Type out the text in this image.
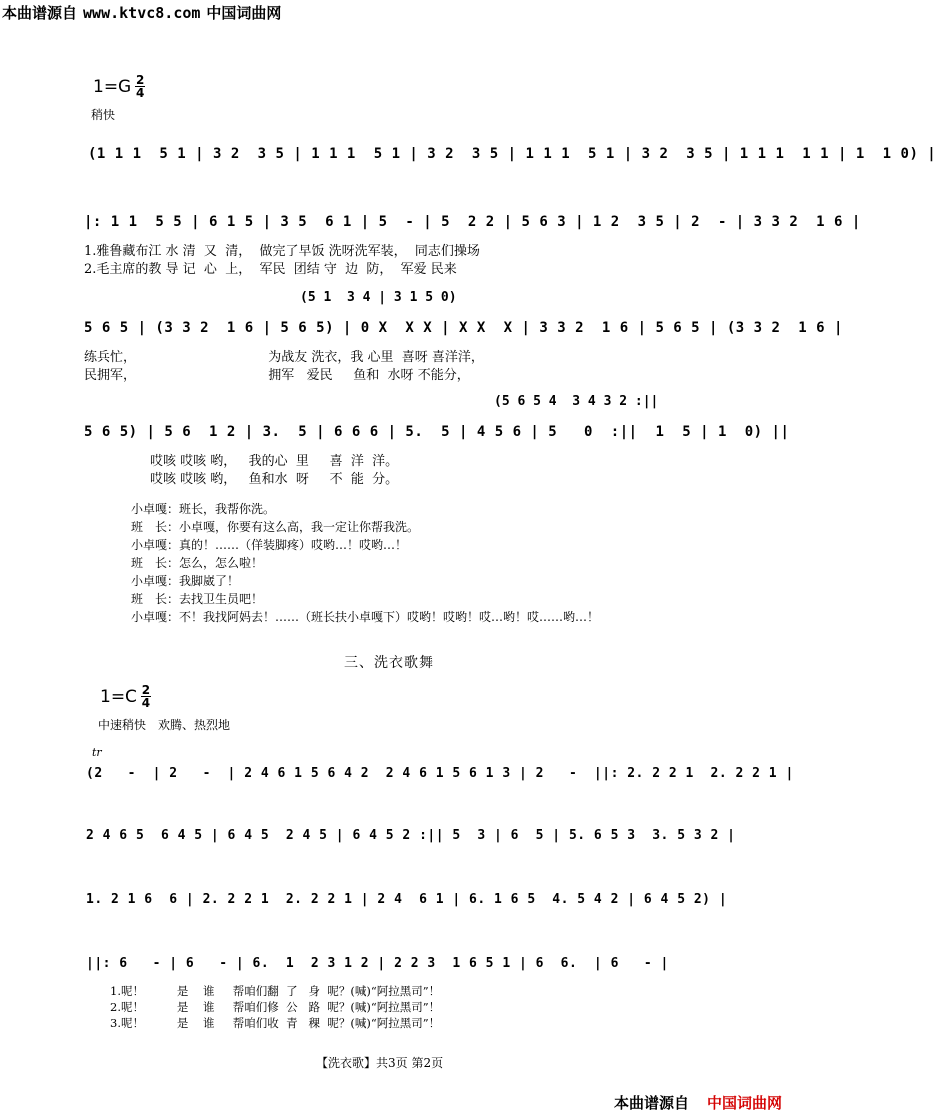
本曲谱源自 www.ktvc8.com 中国词曲网
$1=G \frac{2}{4}$
稍快
(1 1 1  5 1 | 3 2  3 5 | 1 1 1  5 1 | 3 2  3 5 | 1 1 1  5 1 | 3 2  3 5 | 1 1 1  1 1 | 1  1 0) |
|: 1 1  5 5 | 6 1 5 | 3 5  6 1 | 5  - | 5  2 2 | 5 6 3 | 1 2  3 5 | 2  - | 3 3 2  1 6 |
1.雅鲁藏布江 水 清  又  清，  做完了早饭 洗呀洗军装，  同志们操场
2.毛主席的教 导 记  心  上，  军民  团结 守  边  防，  军爱 民来
(5 1  3 4 | 3 1 5 0)
5 6 5 | (3 3 2  1 6 | 5 6 5) | 0 X  X X | X X  X | 3 3 2  1 6 | 5 6 5 | (3 3 2  1 6 |
练兵忙，                                为战友 洗衣，我 心里  喜呀 喜洋洋，
民拥军，                                拥军   爱民     鱼和  水呀 不能分，
(5 6 5 4  3 4 3 2 :||
5 6 5) | 5 6  1 2 | 3.  5 | 6 6 6 | 5.  5 | 4 5 6 | 5   0  :||  1  5 | 1  0) ||
哎咳 哎咳 哟，   我的心  里     喜  洋  洋。
哎咳 哎咳 哟，   鱼和水  呀     不  能  分。
小卓嘎：班长，我帮你洗。
班　长：小卓嘎，你要有这么高，我一定让你帮我洗。
小卓嘎：真的！……（佯装脚疼）哎哟…！哎哟…！
班　长：怎么，怎么啦！
小卓嘎：我脚崴了！
班　长：去找卫生员吧！
小卓嘎：不！我找阿妈去！……（班长扶小卓嘎下）哎哟！哎哟！哎…哟！哎……哟…！
三、洗衣歌舞
$1=C \frac{2}{4}$
中速稍快　欢腾、热烈地
tr
(2   -  | 2   -  | 2 4 6 1 5 6 4 2  2 4 6 1 5 6 1 3 | 2   -  ||: 2. 2 2 1  2. 2 2 1 |
2 4 6 5  6 4 5 | 6 4 5  2 4 5 | 6 4 5 2 :|| 5  3 | 6  5 | 5. 6 5 3  3. 5 3 2 |
1. 2 1 6  6 | 2. 2 2 1  2. 2 2 1 | 2 4  6 1 | 6. 1 6 5  4. 5 4 2 | 6 4 5 2) |
||: 6   - | 6   - | 6.  1  2 3 1 2 | 2 2 3  1 6 5 1 | 6  6.  | 6   - |
1.呢！         是    谁     帮咱们翻  了   身  呢？(喊)“阿拉黑司”！
2.呢！         是    谁     帮咱们修  公   路  呢？(喊)“阿拉黑司”！
3.呢！         是    谁     帮咱们收  青   稞  呢？(喊)“阿拉黑司”！
【洗衣歌】共3页 第2页
本曲谱源自 中国词曲网
